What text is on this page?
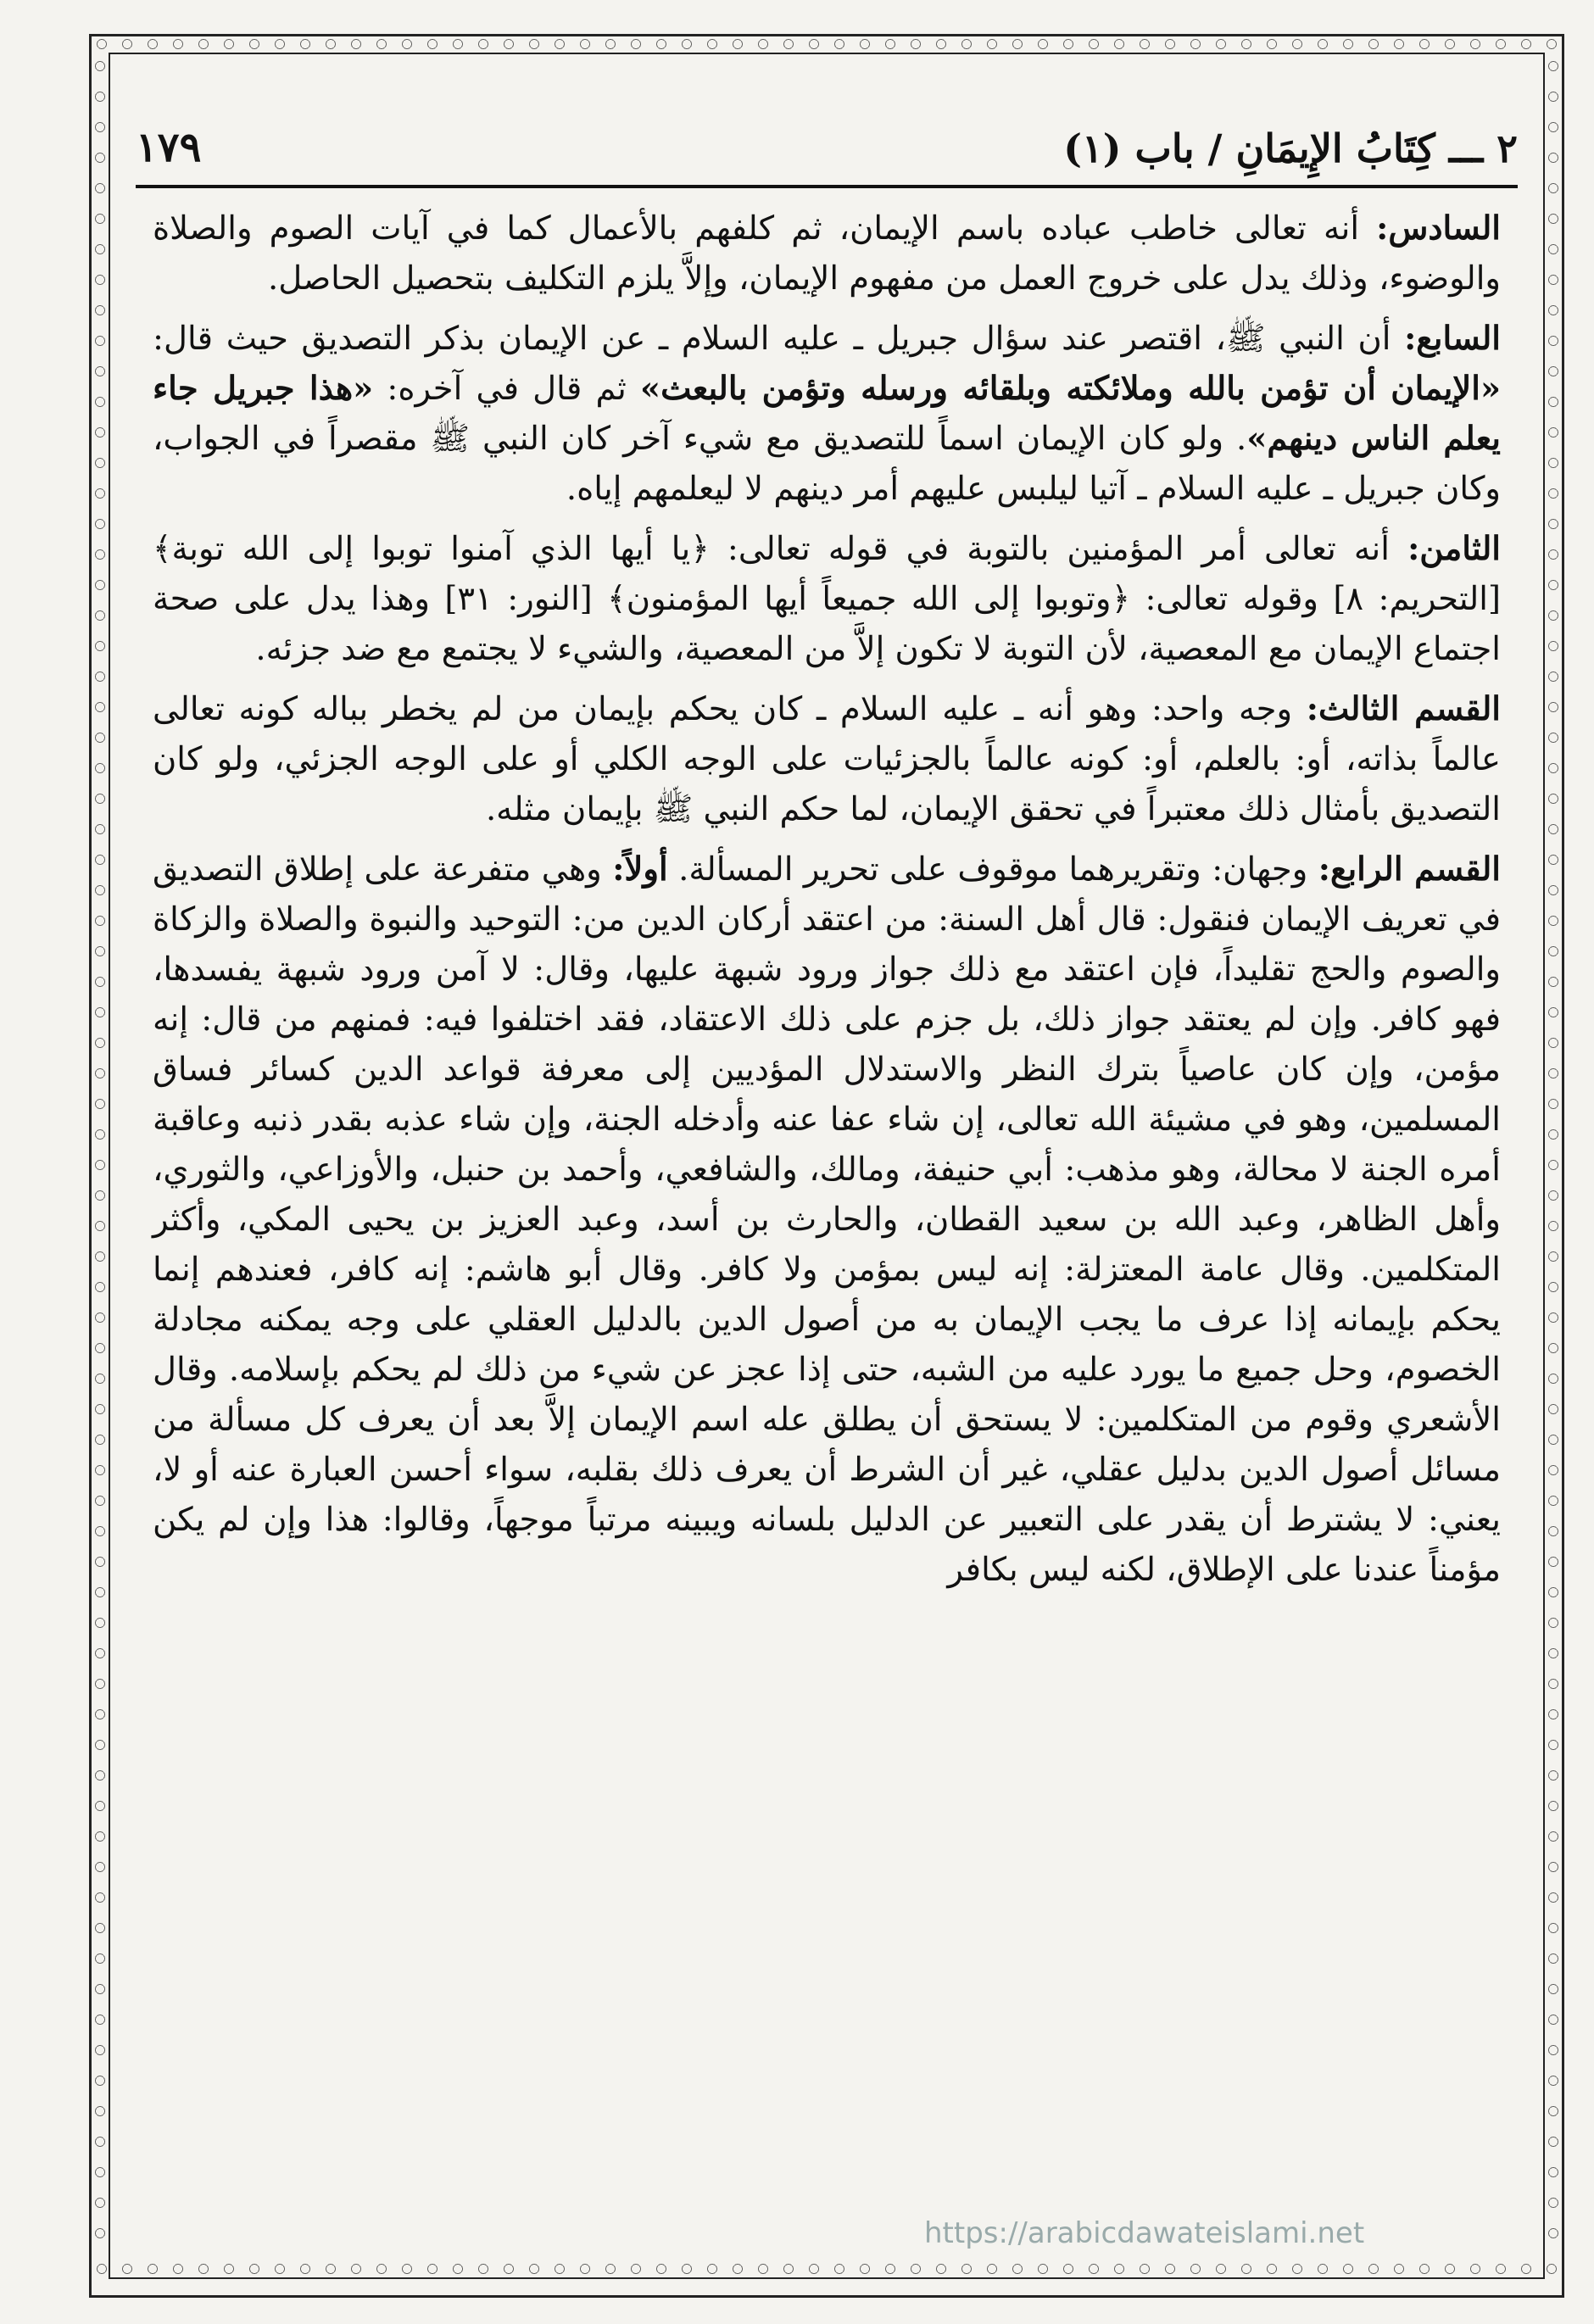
٢ ـــ كِتَابُ الإِيمَانِ / باب (١)
١٧٩

السادس: أنه تعالى خاطب عباده باسم الإيمان، ثم كلفهم بالأعمال كما في آيات الصوم والصلاة والوضوء، وذلك يدل على خروج العمل من مفهوم الإيمان، وإلاَّ يلزم التكليف بتحصيل الحاصل.

السابع: أن النبي ﷺ، اقتصر عند سؤال جبريل ـ عليه السلام ـ عن الإيمان بذكر التصديق حيث قال: «الإيمان أن تؤمن بالله وملائكته وبلقائه ورسله وتؤمن بالبعث» ثم قال في آخره: «هذا جبريل جاء يعلم الناس دينهم». ولو كان الإيمان اسماً للتصديق مع شيء آخر كان النبي ﷺ مقصراً في الجواب، وكان جبريل ـ عليه السلام ـ آتيا ليلبس عليهم أمر دينهم لا ليعلمهم إياه.

الثامن: أنه تعالى أمر المؤمنين بالتوبة في قوله تعالى: ﴿يا أيها الذي آمنوا توبوا إلى الله توبة﴾ [التحريم: ٨] وقوله تعالى: ﴿وتوبوا إلى الله جميعاً أيها المؤمنون﴾ [النور: ٣١] وهذا يدل على صحة اجتماع الإيمان مع المعصية، لأن التوبة لا تكون إلاَّ من المعصية، والشيء لا يجتمع مع ضد جزئه.

القسم الثالث: وجه واحد: وهو أنه ـ عليه السلام ـ كان يحكم بإيمان من لم يخطر بباله كونه تعالى عالماً بذاته، أو: بالعلم، أو: كونه عالماً بالجزئيات على الوجه الكلي أو على الوجه الجزئي، ولو كان التصديق بأمثال ذلك معتبراً في تحقق الإيمان، لما حكم النبي ﷺ بإيمان مثله.

القسم الرابع: وجهان: وتقريرهما موقوف على تحرير المسألة. أولاً: وهي متفرعة على إطلاق التصديق في تعريف الإيمان فنقول: قال أهل السنة: من اعتقد أركان الدين من: التوحيد والنبوة والصلاة والزكاة والصوم والحج تقليداً، فإن اعتقد مع ذلك جواز ورود شبهة عليها، وقال: لا آمن ورود شبهة يفسدها، فهو كافر. وإن لم يعتقد جواز ذلك، بل جزم على ذلك الاعتقاد، فقد اختلفوا فيه: فمنهم من قال: إنه مؤمن، وإن كان عاصياً بترك النظر والاستدلال المؤديين إلى معرفة قواعد الدين كسائر فساق المسلمين، وهو في مشيئة الله تعالى، إن شاء عفا عنه وأدخله الجنة، وإن شاء عذبه بقدر ذنبه وعاقبة أمره الجنة لا محالة، وهو مذهب: أبي حنيفة، ومالك، والشافعي، وأحمد بن حنبل، والأوزاعي، والثوري، وأهل الظاهر، وعبد الله بن سعيد القطان، والحارث بن أسد، وعبد العزيز بن يحيى المكي، وأكثر المتكلمين. وقال عامة المعتزلة: إنه ليس بمؤمن ولا كافر. وقال أبو هاشم: إنه كافر، فعندهم إنما يحكم بإيمانه إذا عرف ما يجب الإيمان به من أصول الدين بالدليل العقلي على وجه يمكنه مجادلة الخصوم، وحل جميع ما يورد عليه من الشبه، حتى إذا عجز عن شيء من ذلك لم يحكم بإسلامه. وقال الأشعري وقوم من المتكلمين: لا يستحق أن يطلق عله اسم الإيمان إلاَّ بعد أن يعرف كل مسألة من مسائل أصول الدين بدليل عقلي، غير أن الشرط أن يعرف ذلك بقلبه، سواء أحسن العبارة عنه أو لا، يعني: لا يشترط أن يقدر على التعبير عن الدليل بلسانه ويبينه مرتباً موجهاً، وقالوا: هذا وإن لم يكن مؤمناً عندنا على الإطلاق، لكنه ليس بكافر

https://arabicdawateislami.net
